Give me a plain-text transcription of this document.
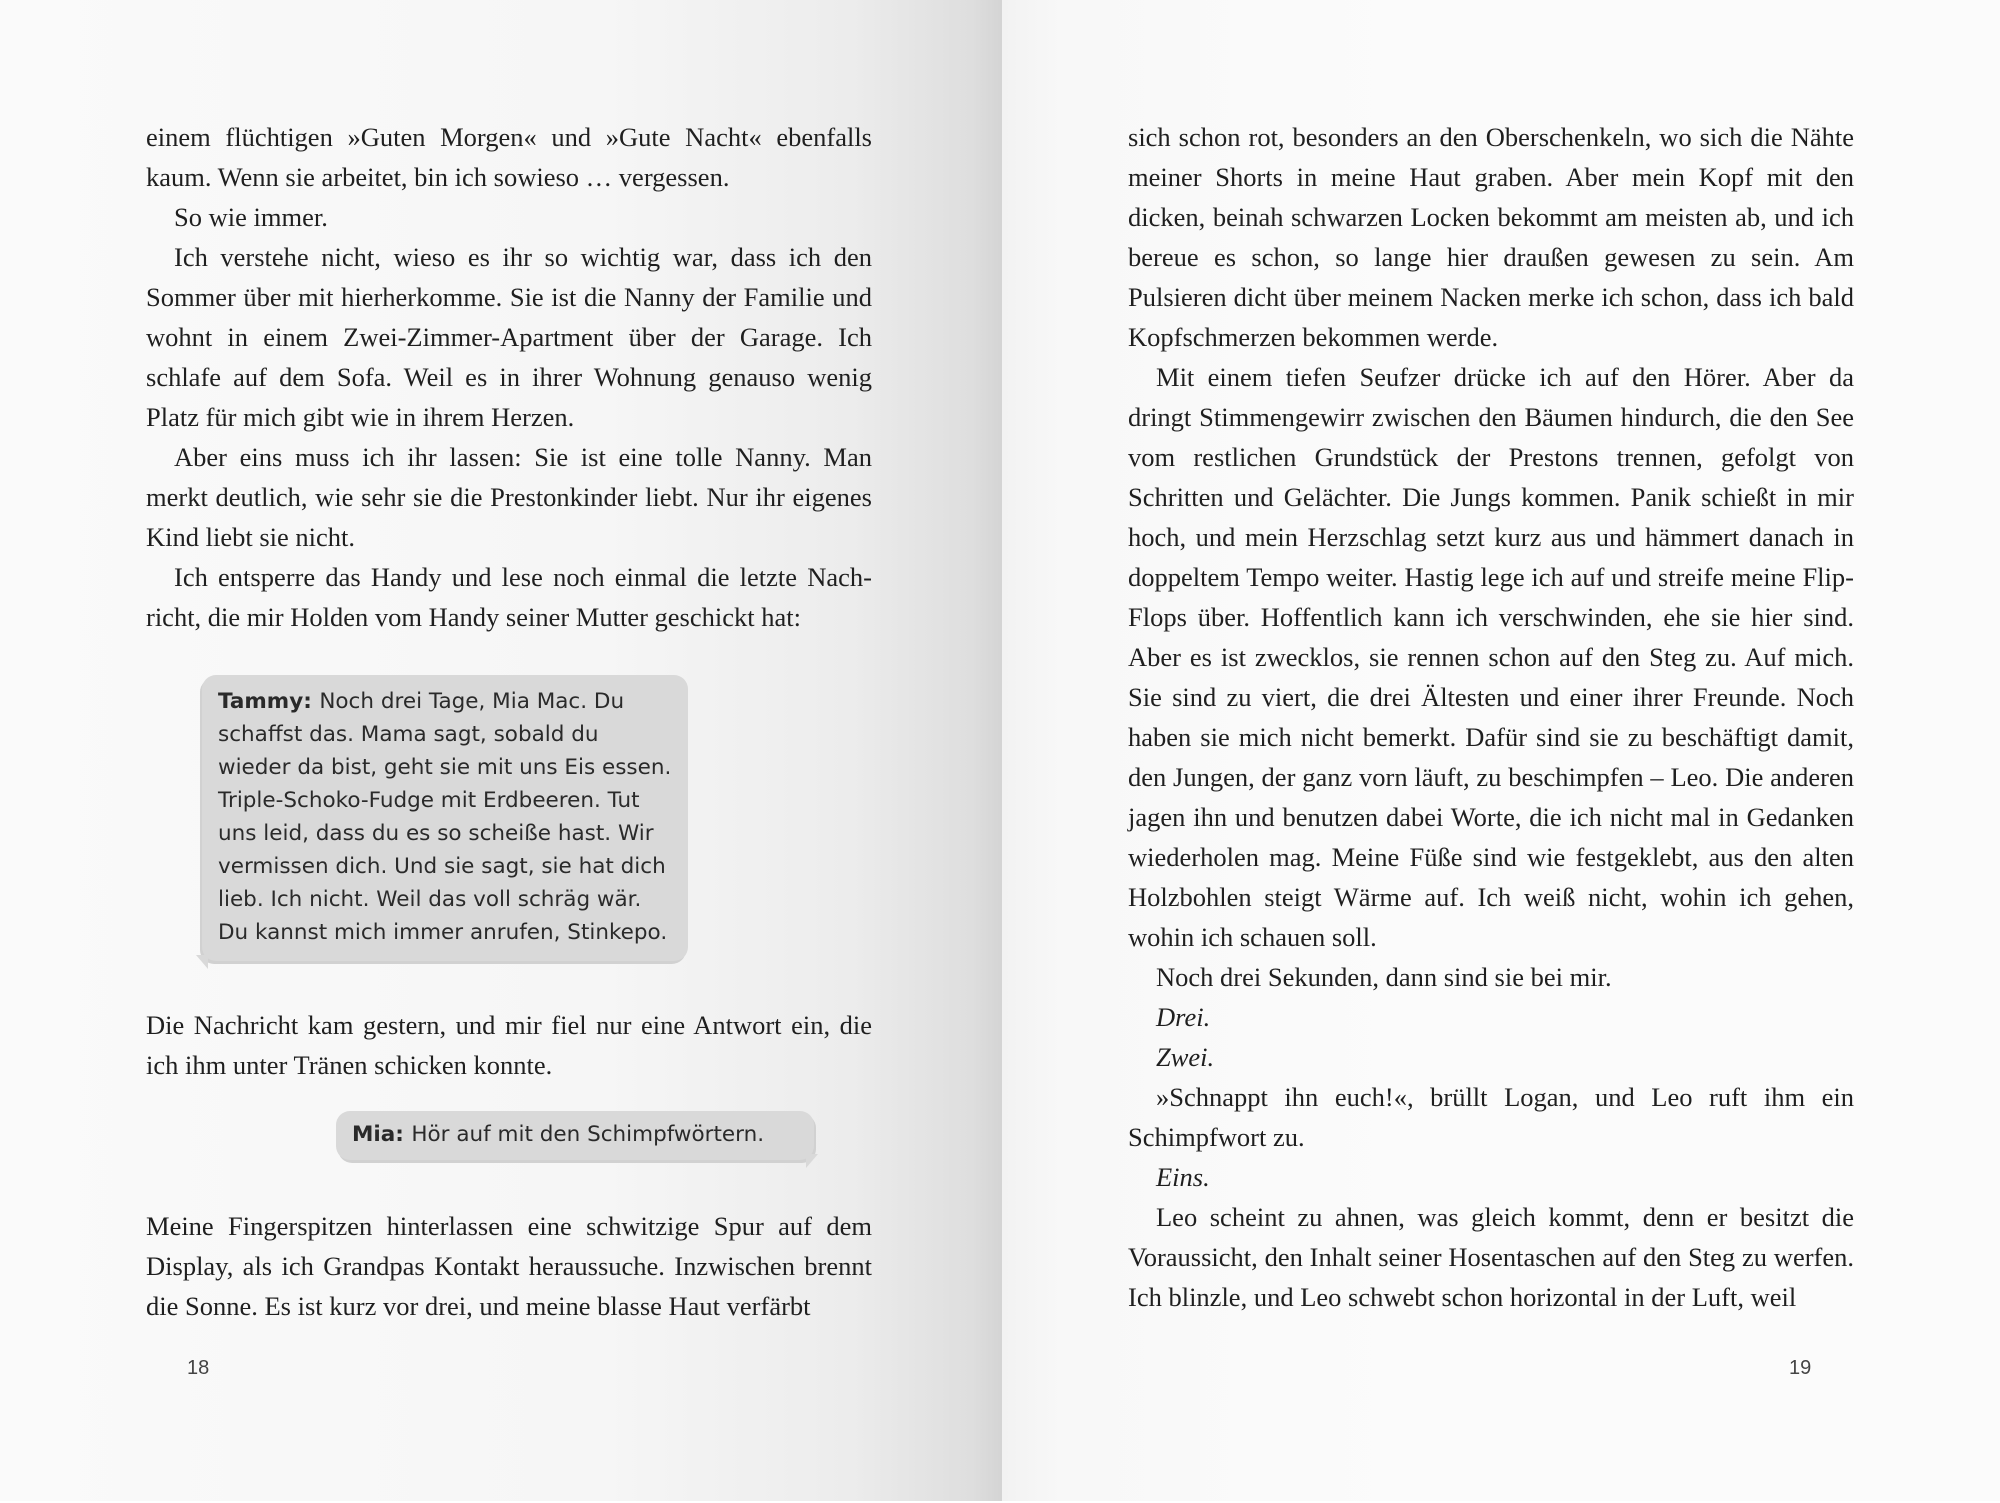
einem flüchtigen »Guten Morgen« und »Gute Nacht« ebenfalls kaum. Wenn sie arbeitet, bin ich sowieso … vergessen.

So wie immer.

Ich verstehe nicht, wieso es ihr so wichtig war, dass ich den Sommer über mit hierherkomme. Sie ist die Nanny der Familie und wohnt in einem Zwei-Zimmer-Apartment über der Garage. Ich schlafe auf dem Sofa. Weil es in ihrer Wohnung genauso wenig Platz für mich gibt wie in ihrem Herzen.

Aber eins muss ich ihr lassen: Sie ist eine tolle Nanny. Man merkt deutlich, wie sehr sie die Prestonkinder liebt. Nur ihr eigenes Kind liebt sie nicht.

Ich entsperre das Handy und lese noch einmal die letzte Nachricht, die mir Holden vom Handy seiner Mutter geschickt hat:

Tammy: Noch drei Tage, Mia Mac. Du schaffst das. Mama sagt, sobald du wieder da bist, geht sie mit uns Eis essen. Triple-Schoko-Fudge mit Erdbeeren. Tut uns leid, dass du es so scheiße hast. Wir vermissen dich. Und sie sagt, sie hat dich lieb. Ich nicht. Weil das voll schräg wär. Du kannst mich immer anrufen, Stinkepo.

Die Nachricht kam gestern, und mir fiel nur eine Antwort ein, die ich ihm unter Tränen schicken konnte.

Mia: Hör auf mit den Schimpfwörtern.

Meine Fingerspitzen hinterlassen eine schwitzige Spur auf dem Display, als ich Grandpas Kontakt heraussuche. Inzwischen brennt die Sonne. Es ist kurz vor drei, und meine blasse Haut verfärbt

18

sich schon rot, besonders an den Oberschenkeln, wo sich die Nähte meiner Shorts in meine Haut graben. Aber mein Kopf mit den dicken, beinah schwarzen Locken bekommt am meisten ab, und ich bereue es schon, so lange hier draußen gewesen zu sein. Am Pulsieren dicht über meinem Nacken merke ich schon, dass ich bald Kopfschmerzen bekommen werde.

Mit einem tiefen Seufzer drücke ich auf den Hörer. Aber da dringt Stimmengewirr zwischen den Bäumen hindurch, die den See vom restlichen Grundstück der Prestons trennen, gefolgt von Schritten und Gelächter. Die Jungs kommen. Panik schießt in mir hoch, und mein Herzschlag setzt kurz aus und hämmert danach in doppeltem Tempo weiter. Hastig lege ich auf und streife meine Flip-Flops über. Hoffentlich kann ich verschwinden, ehe sie hier sind. Aber es ist zwecklos, sie rennen schon auf den Steg zu. Auf mich. Sie sind zu viert, die drei Ältesten und einer ihrer Freunde. Noch haben sie mich nicht bemerkt. Dafür sind sie zu beschäftigt damit, den Jungen, der ganz vorn läuft, zu beschimpfen – Leo. Die anderen jagen ihn und benutzen dabei Worte, die ich nicht mal in Gedanken wiederholen mag. Meine Füße sind wie festgeklebt, aus den alten Holzbohlen steigt Wärme auf. Ich weiß nicht, wohin ich gehen, wohin ich schauen soll.

Noch drei Sekunden, dann sind sie bei mir.

Drei.

Zwei.

»Schnappt ihn euch!«, brüllt Logan, und Leo ruft ihm ein Schimpfwort zu.

Eins.

Leo scheint zu ahnen, was gleich kommt, denn er besitzt die Voraussicht, den Inhalt seiner Hosentaschen auf den Steg zu werfen. Ich blinzle, und Leo schwebt schon horizontal in der Luft, weil

19
